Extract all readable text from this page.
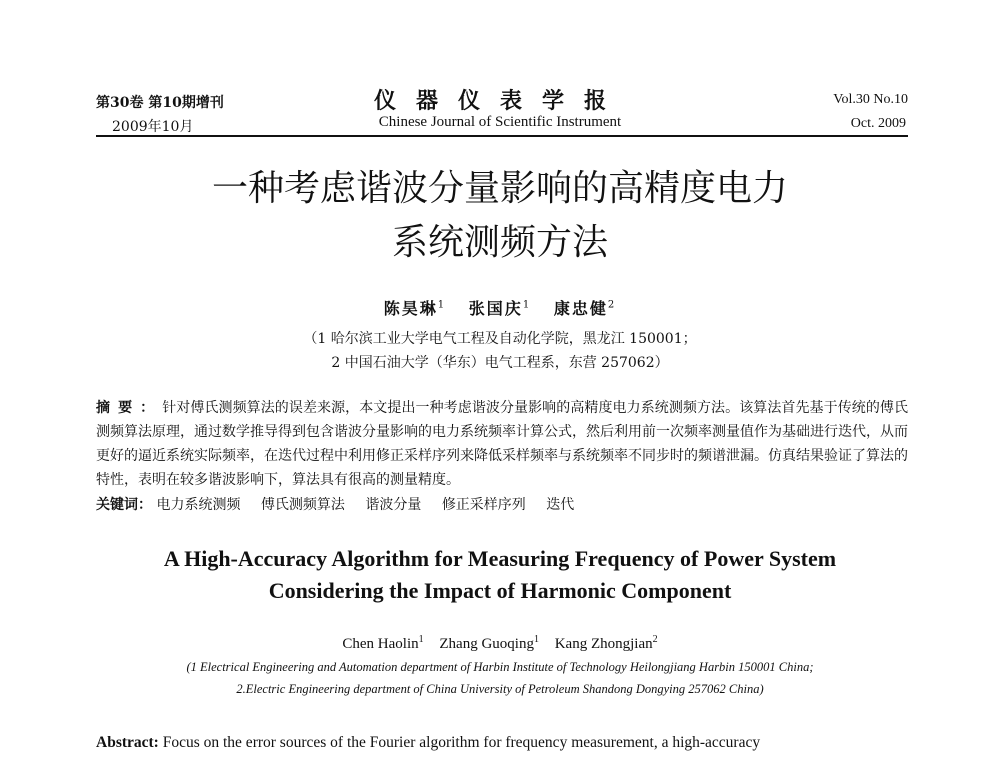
第30卷 第10期增刊
2009年10月
仪器仪表学报
Chinese Journal of Scientific Instrument
Vol.30 No.10
Oct. 2009
一种考虑谐波分量影响的高精度电力
系统测频方法
陈昊琳$^1$ 张国庆$^1$ 康忠健$^2$
（1 哈尔滨工业大学电气工程及自动化学院，黑龙江 150001；
2 中国石油大学（华东）电气工程系，东营 257062）
摘要：针对傅氏测频算法的误差来源，本文提出一种考虑谐波分量影响的高精度电力系统测频方法。该算法首先基于传统的傅氏测频算法原理，通过数学推导得到包含谐波分量影响的电力系统频率计算公式，然后利用前一次频率测量值作为基础进行迭代，从而更好的逼近系统实际频率，在迭代过程中利用修正采样序列来降低采样频率与系统频率不同步时的频谱泄漏。仿真结果验证了算法的特性，表明在较多谐波影响下，算法具有很高的测量精度。
关键词： 电力系统测频 傅氏测频算法 谐波分量 修正采样序列 迭代
A High-Accuracy Algorithm for Measuring Frequency of Power System
Considering the Impact of Harmonic Component
Chen Haolin$^1$ Zhang Guoqing$^1$ Kang Zhongjian$^2$
(1 Electrical Engineering and Automation department of Harbin Institute of Technology Heilongjiang Harbin 150001 China;
2.Electric Engineering department of China University of Petroleum Shandong Dongying 257062 China)
Abstract: Focus on the error sources of the Fourier algorithm for frequency measurement, a high-accuracy
